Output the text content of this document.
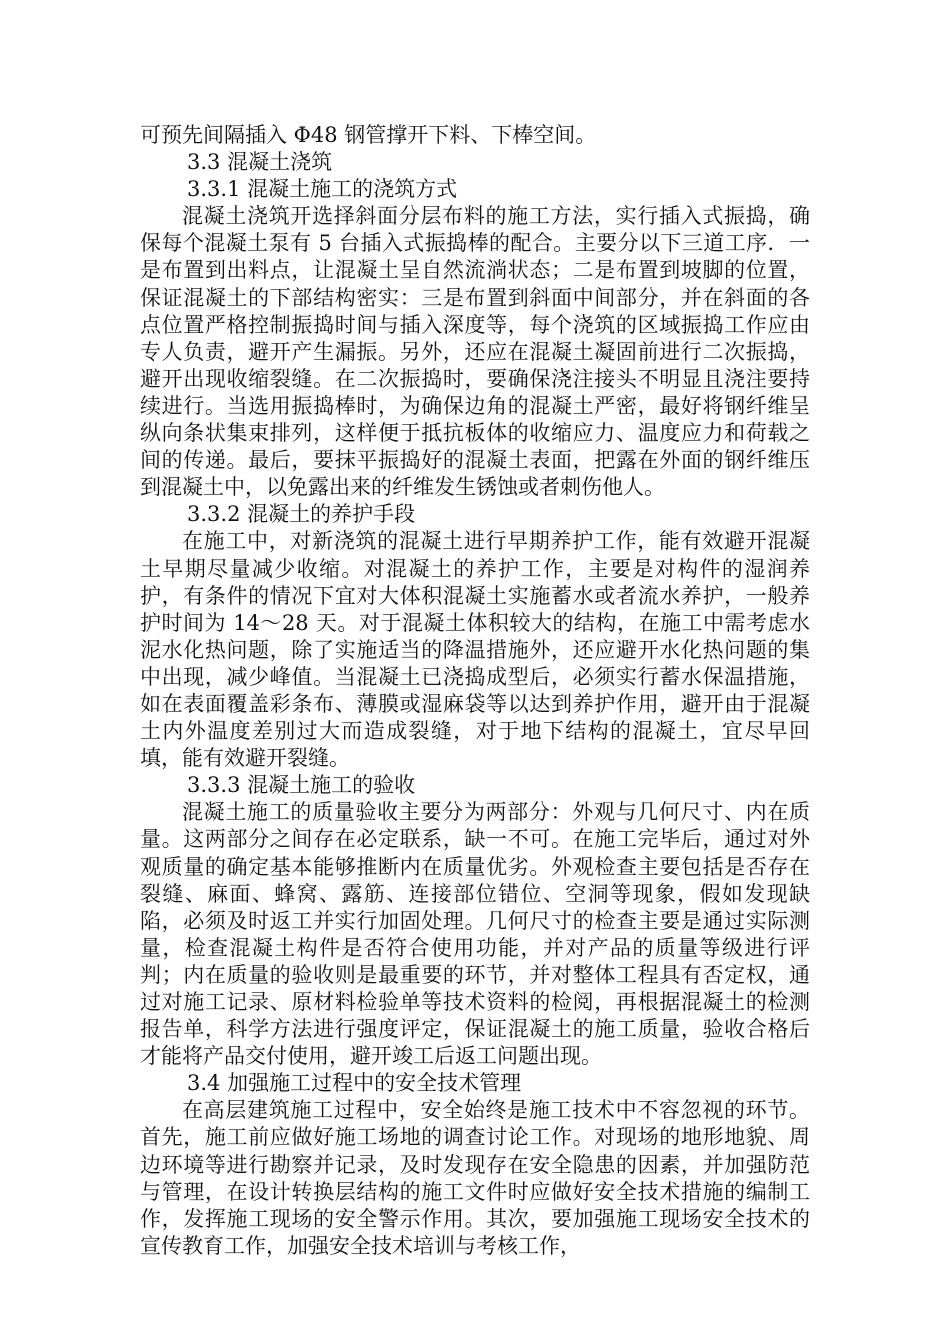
可预先间隔插入 Φ48 钢管撑开下料、下棒空间。

3.3 混凝土浇筑

3.3.1 混凝土施工的浇筑方式

混凝土浇筑开选择斜面分层布料的施工方法，实行插入式振捣，确保每个混凝土泵有 5 台插入式振捣棒的配合。主要分以下三道工序．一是布置到出料点，让混凝土呈自然流淌状态；二是布置到坡脚的位置，保证混凝土的下部结构密实：三是布置到斜面中间部分，并在斜面的各点位置严格控制振捣时间与插入深度等，每个浇筑的区域振捣工作应由专人负责，避开产生漏振。另外，还应在混凝土凝固前进行二次振捣，避开出现收缩裂缝。在二次振捣时，要确保浇注接头不明显且浇注要持续进行。当选用振捣棒时，为确保边角的混凝土严密，最好将钢纤维呈纵向条状集束排列，这样便于抵抗板体的收缩应力、温度应力和荷载之间的传递。最后，要抹平振捣好的混凝土表面，把露在外面的钢纤维压到混凝土中，以免露出来的纤维发生锈蚀或者刺伤他人。

3.3.2 混凝土的养护手段

在施工中，对新浇筑的混凝土进行早期养护工作，能有效避开混凝土早期尽量减少收缩。对混凝土的养护工作，主要是对构件的湿润养护，有条件的情况下宜对大体积混凝土实施蓄水或者流水养护，一般养护时间为 14～28 天。对于混凝土体积较大的结构，在施工中需考虑水泥水化热问题，除了实施适当的降温措施外，还应避开水化热问题的集中出现，减少峰值。当混凝土已浇捣成型后，必须实行蓄水保温措施，如在表面覆盖彩条布、薄膜或湿麻袋等以达到养护作用，避开由于混凝土内外温度差别过大而造成裂缝，对于地下结构的混凝土，宜尽早回填，能有效避开裂缝。

3.3.3 混凝土施工的验收

混凝土施工的质量验收主要分为两部分：外观与几何尺寸、内在质量。这两部分之间存在必定联系，缺一不可。在施工完毕后，通过对外观质量的确定基本能够推断内在质量优劣。外观检查主要包括是否存在裂缝、麻面、蜂窝、露筋、连接部位错位、空洞等现象，假如发现缺陷，必须及时返工并实行加固处理。几何尺寸的检查主要是通过实际测量，检查混凝土构件是否符合使用功能，并对产品的质量等级进行评判；内在质量的验收则是最重要的环节，并对整体工程具有否定权，通过对施工记录、原材料检验单等技术资料的检阅，再根据混凝土的检测报告单，科学方法进行强度评定，保证混凝土的施工质量，验收合格后才能将产品交付使用，避开竣工后返工问题出现。

3.4 加强施工过程中的安全技术管理

在高层建筑施工过程中，安全始终是施工技术中不容忽视的环节。首先，施工前应做好施工场地的调查讨论工作。对现场的地形地貌、周边环境等进行勘察并记录，及时发现存在安全隐患的因素，并加强防范与管理，在设计转换层结构的施工文件时应做好安全技术措施的编制工作，发挥施工现场的安全警示作用。其次，要加强施工现场安全技术的宣传教育工作，加强安全技术培训与考核工作，
